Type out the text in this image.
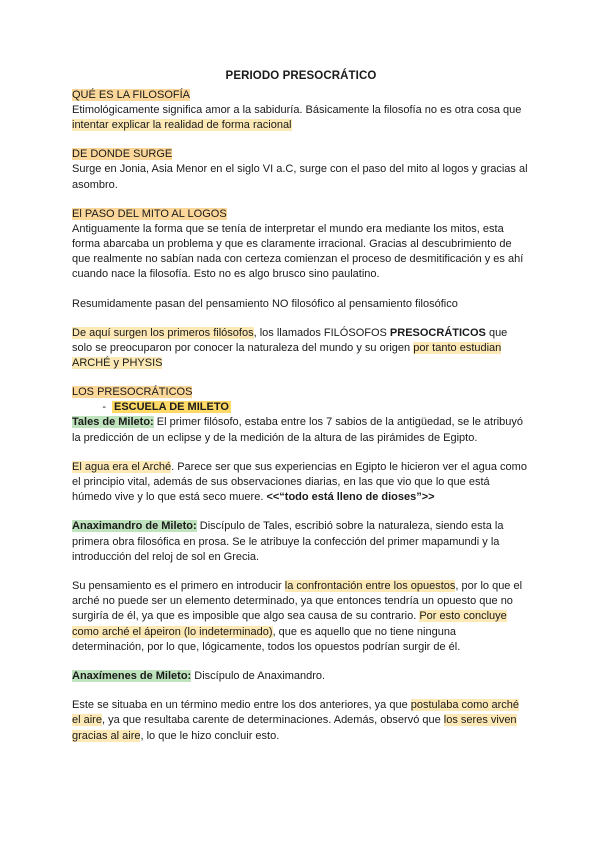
PERIODO PRESOCRÁTICO
QUÉ ES LA FILOSOFÍA

Etimológicamente significa amor a la sabiduría. Básicamente la filosofía no es otra cosa que intentar explicar la realidad de forma racional

DE DONDE SURGE

Surge en Jonia, Asia Menor en el siglo VI a.C, surge con el paso del mito al logos y gracias al asombro.

El PASO DEL MITO AL LOGOS

Antiguamente la forma que se tenía de interpretar el mundo era mediante los mitos, esta forma abarcaba un problema y que es claramente irracional. Gracias al descubrimiento de que realmente no sabían nada con certeza comienzan el proceso de desmitificación y es ahí cuando nace la filosofía. Esto no es algo brusco sino paulatino.

Resumidamente pasan del pensamiento NO filosófico al pensamiento filosófico

De aquí surgen los primeros filósofos, los llamados FILÓSOFOS PRESOCRÁTICOS que solo se preocuparon por conocer la naturaleza del mundo y su origen por tanto estudian ARCHÉ y PHYSIS

LOS PRESOCRÁTICOS
- ESCUELA DE MILETO

Tales de Mileto: El primer filósofo, estaba entre los 7 sabios de la antigüedad, se le atribuyó la predicción de un eclipse y de la medición de la altura de las pirámides de Egipto.

El agua era el Arché. Parece ser que sus experiencias en Egipto le hicieron ver el agua como el principio vital, además de sus observaciones diarias, en las que vio que lo que está húmedo vive y lo que está seco muere. <<“todo está lleno de dioses”>>

Anaximandro de Mileto: Discípulo de Tales, escribió sobre la naturaleza, siendo esta la primera obra filosófica en prosa. Se le atribuye la confección del primer mapamundi y la introducción del reloj de sol en Grecia.

Su pensamiento es el primero en introducir la confrontación entre los opuestos, por lo que el arché no puede ser un elemento determinado, ya que entonces tendría un opuesto que no surgiría de él, ya que es imposible que algo sea causa de su contrario. Por esto concluye como arché el ápeiron (lo indeterminado), que es aquello que no tiene ninguna determinación, por lo que, lógicamente, todos los opuestos podrían surgir de él.

Anaxímenes de Mileto: Discípulo de Anaximandro.

Este se situaba en un término medio entre los dos anteriores, ya que postulaba como arché el aire, ya que resultaba carente de determinaciones. Además, observó que los seres viven gracias al aire, lo que le hizo concluir esto.
